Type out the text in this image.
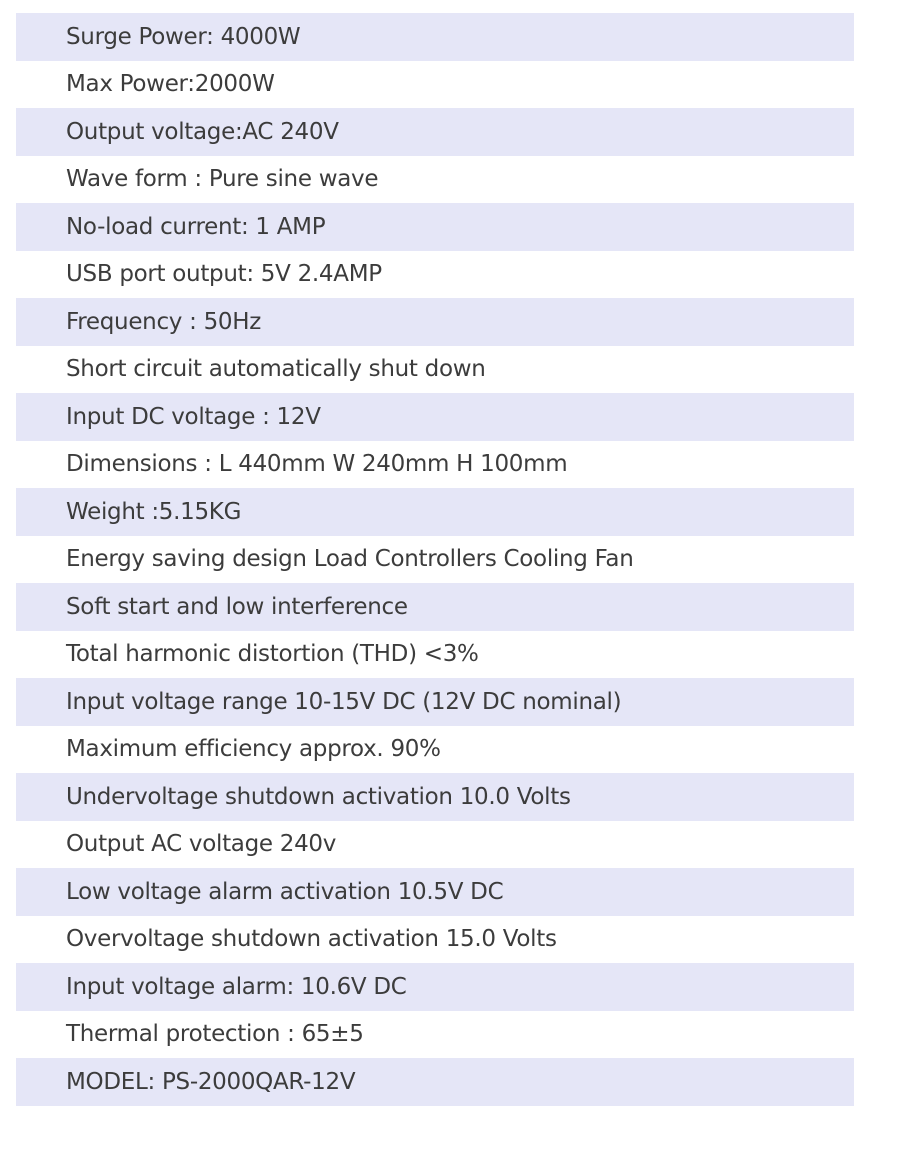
Surge Power: 4000W
Max Power:2000W
Output voltage:AC 240V
Wave form : Pure sine wave
No-load current: 1 AMP
USB port output: 5V 2.4AMP
Frequency : 50Hz
Short circuit automatically shut down
Input DC voltage : 12V
Dimensions : L 440mm W 240mm H 100mm
Weight :5.15KG
Energy saving design Load Controllers Cooling Fan
Soft start and low interference
Total harmonic distortion (THD) <3%
Input voltage range 10-15V DC (12V DC nominal)
Maximum efficiency approx. 90%
Undervoltage shutdown activation 10.0 Volts
Output AC voltage 240v
Low voltage alarm activation 10.5V DC
Overvoltage shutdown activation 15.0 Volts
Input voltage alarm: 10.6V DC
Thermal protection : 65±5
MODEL: PS-2000QAR-12V
